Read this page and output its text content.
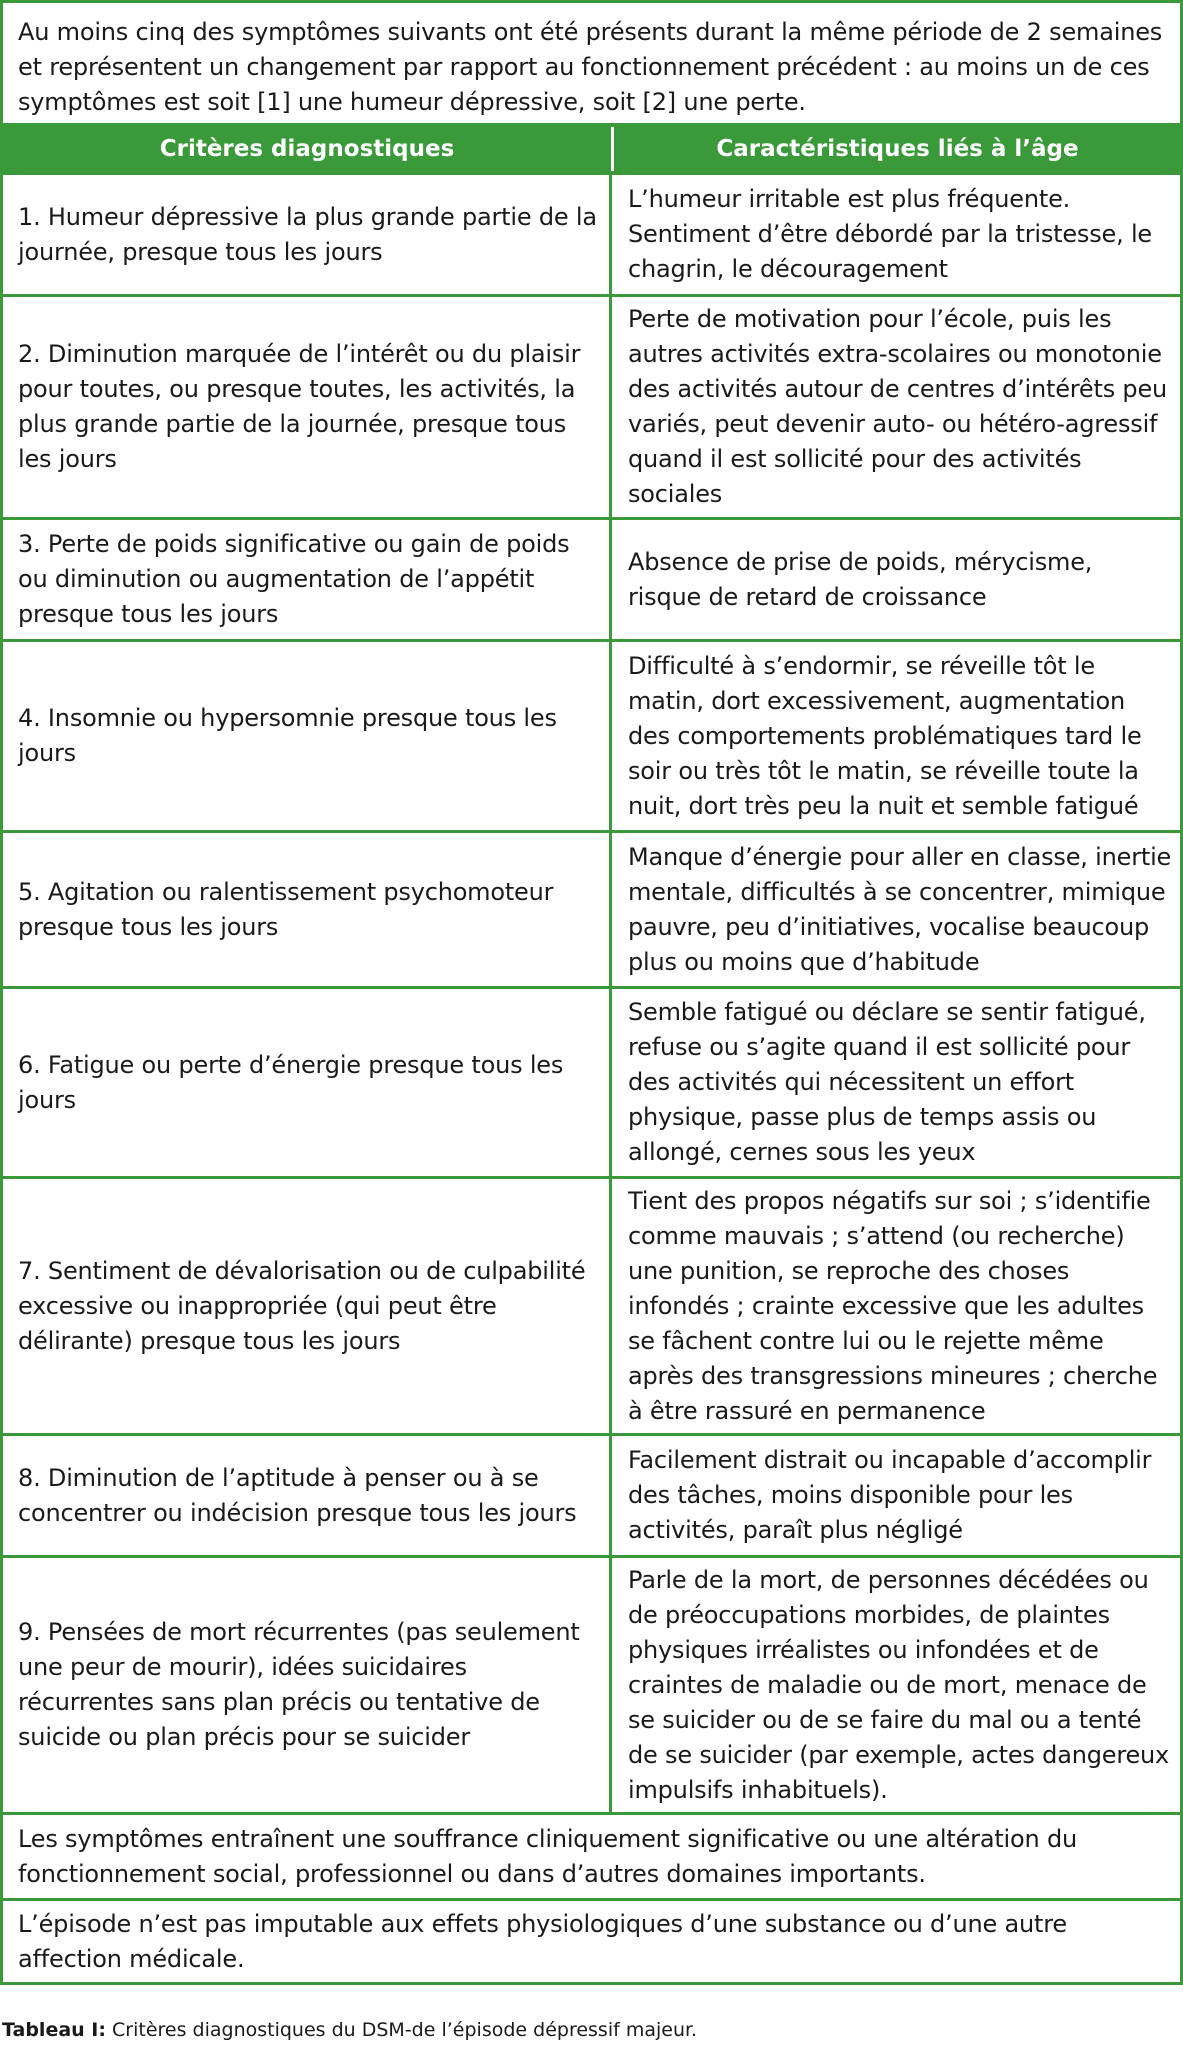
Au moins cinq des symptômes suivants ont été présents durant la même période de 2 semaines et représentent un changement par rapport au fonctionnement précédent : au moins un de ces symptômes est soit [1] une humeur dépressive, soit [2] une perte.
Critères diagnostiques	Caractéristiques liés à l’âge
1. Humeur dépressive la plus grande partie de la journée, presque tous les jours
L’humeur irritable est plus fréquente. Sentiment d’être débordé par la tristesse, le chagrin, le découragement
2. Diminution marquée de l’intérêt ou du plaisir pour toutes, ou presque toutes, les activités, la plus grande partie de la journée, presque tous les jours
Perte de motivation pour l’école, puis les autres activités extra-scolaires ou monotonie des activités autour de centres d’intérêts peu variés, peut devenir auto- ou hétéro-agressif quand il est sollicité pour des activités sociales
3. Perte de poids significative ou gain de poids ou diminution ou augmentation de l’appétit presque tous les jours
Absence de prise de poids, mérycisme, risque de retard de croissance
4. Insomnie ou hypersomnie presque tous les jours
Difficulté à s’endormir, se réveille tôt le matin, dort excessivement, augmentation des comportements problématiques tard le soir ou très tôt le matin, se réveille toute la nuit, dort très peu la nuit et semble fatigué
5. Agitation ou ralentissement psychomoteur presque tous les jours
Manque d’énergie pour aller en classe, inertie mentale, difficultés à se concentrer, mimique pauvre, peu d’initiatives, vocalise beaucoup plus ou moins que d’habitude
6. Fatigue ou perte d’énergie presque tous les jours
Semble fatigué ou déclare se sentir fatigué, refuse ou s’agite quand il est sollicité pour des activités qui nécessitent un effort physique, passe plus de temps assis ou allongé, cernes sous les yeux
7. Sentiment de dévalorisation ou de culpabilité excessive ou inappropriée (qui peut être délirante) presque tous les jours
Tient des propos négatifs sur soi ; s’identifie comme mauvais ; s’attend (ou recherche) une punition, se reproche des choses infondés ; crainte excessive que les adultes se fâchent contre lui ou le rejette même après des transgressions mineures ; cherche à être rassuré en permanence
8. Diminution de l’aptitude à penser ou à se concentrer ou indécision presque tous les jours
Facilement distrait ou incapable d’accomplir des tâches, moins disponible pour les activités, paraît plus négligé
9. Pensées de mort récurrentes (pas seulement une peur de mourir), idées suicidaires récurrentes sans plan précis ou tentative de suicide ou plan précis pour se suicider
Parle de la mort, de personnes décédées ou de préoccupations morbides, de plaintes physiques irréalistes ou infondées et de craintes de maladie ou de mort, menace de se suicider ou de se faire du mal ou a tenté de se suicider (par exemple, actes dangereux impulsifs inhabituels).
Les symptômes entraînent une souffrance cliniquement significative ou une altération du fonctionnement social, professionnel ou dans d’autres domaines importants.
L’épisode n’est pas imputable aux effets physiologiques d’une substance ou d’une autre affection médicale.
Tableau I: Critères diagnostiques du DSM-de l’épisode dépressif majeur.
